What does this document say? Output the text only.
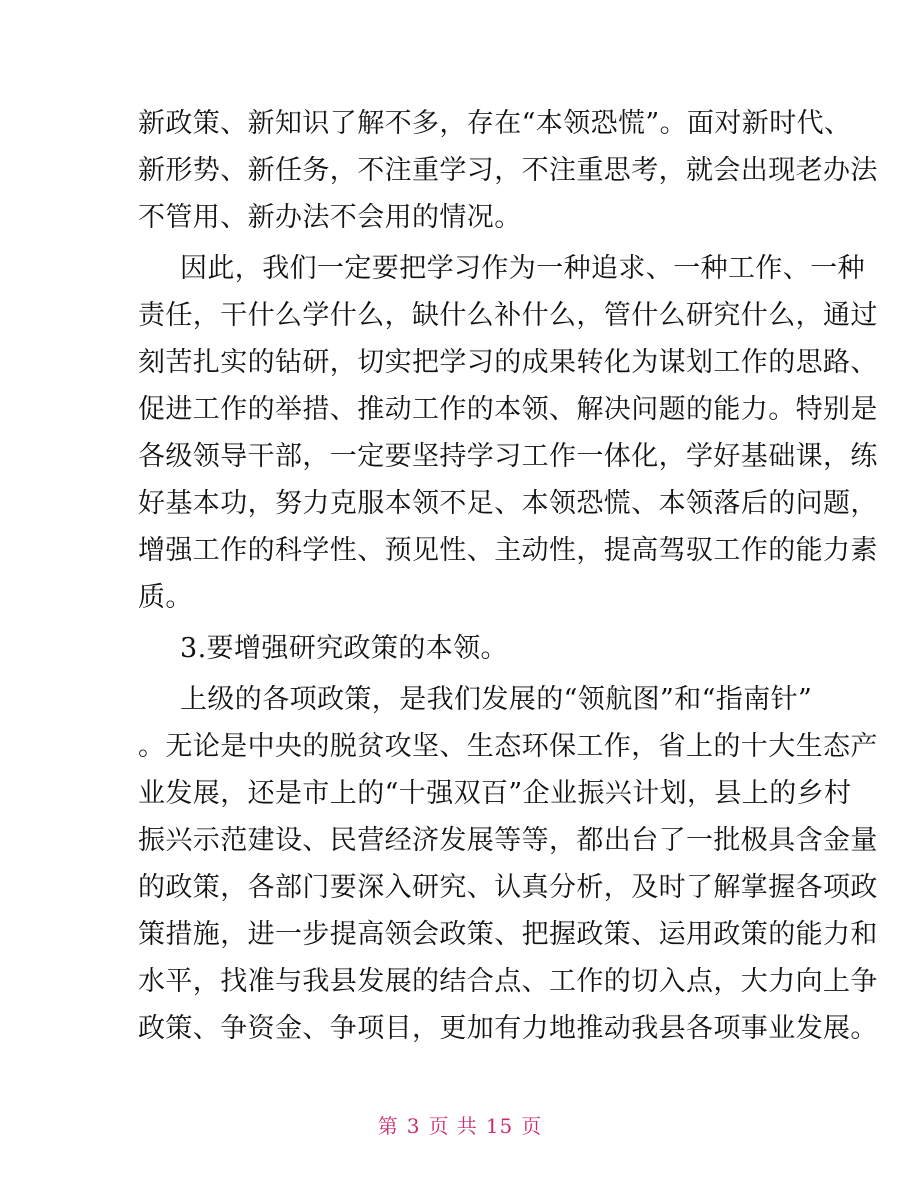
新政策、新知识了解不多，存在“本领恐慌”。面对新时代、
新形势、新任务，不注重学习，不注重思考，就会出现老办法
不管用、新办法不会用的情况。
因此，我们一定要把学习作为一种追求、一种工作、一种
责任，干什么学什么，缺什么补什么，管什么研究什么，通过
刻苦扎实的钻研，切实把学习的成果转化为谋划工作的思路、
促进工作的举措、推动工作的本领、解决问题的能力。特别是
各级领导干部，一定要坚持学习工作一体化，学好基础课，练
好基本功，努力克服本领不足、本领恐慌、本领落后的问题，
增强工作的科学性、预见性、主动性，提高驾驭工作的能力素
质。
3.要增强研究政策的本领。
上级的各项政策，是我们发展的“领航图”和“指南针”
。无论是中央的脱贫攻坚、生态环保工作，省上的十大生态产
业发展，还是市上的“十强双百”企业振兴计划，县上的乡村
振兴示范建设、民营经济发展等等，都出台了一批极具含金量
的政策，各部门要深入研究、认真分析，及时了解掌握各项政
策措施，进一步提高领会政策、把握政策、运用政策的能力和
水平，找准与我县发展的结合点、工作的切入点，大力向上争
政策、争资金、争项目，更加有力地推动我县各项事业发展。
第 3 页 共 15 页
